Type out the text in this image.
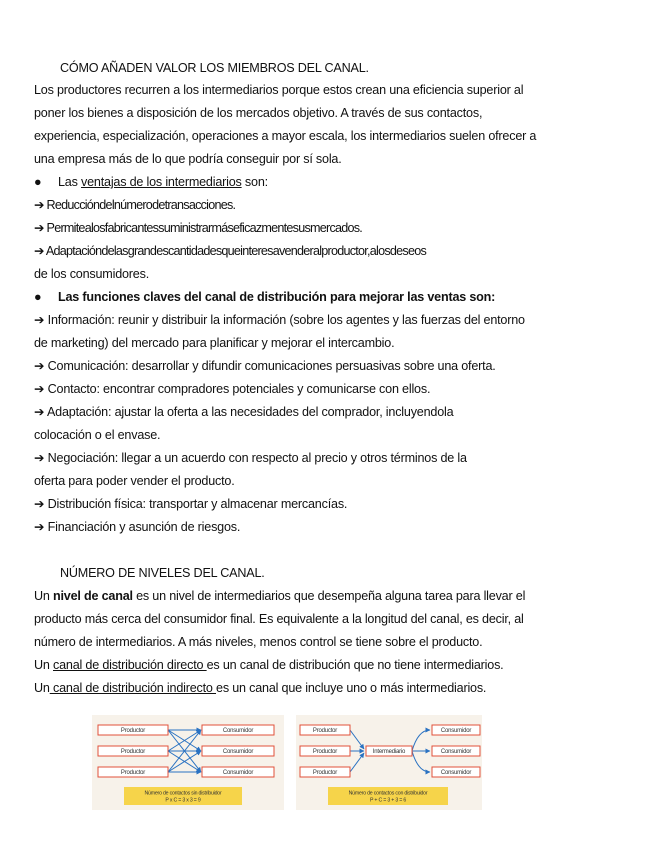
CÓMO AÑADEN VALOR LOS MIEMBROS DEL CANAL.
Los productores recurren a los intermediarios porque estos crean una eficiencia superior al
poner los bienes a disposición de los mercados objetivo. A través de sus contactos,
experiencia, especialización, operaciones a mayor escala, los intermediarios suelen ofrecer a
una empresa más de lo que podría conseguir por sí sola.
● Las ventajas de los intermediarios son:
➔ Reduccióndelnúmerodetransacciones.
➔ Permitealosfabricantessuministrarmáseficazmentesusmercados.
➔ Adaptacióndelasgrandescantidadesqueinteresavenderalproductor,alosdeseos
de los consumidores.
● Las funciones claves del canal de distribución para mejorar las ventas son:
➔ Información: reunir y distribuir la información (sobre los agentes y las fuerzas del entorno
de marketing) del mercado para planificar y mejorar el intercambio.
➔ Comunicación: desarrollar y difundir comunicaciones persuasivas sobre una oferta.
➔ Contacto: encontrar compradores potenciales y comunicarse con ellos.
➔ Adaptación: ajustar la oferta a las necesidades del comprador, incluyendola
colocación o el envase.
➔ Negociación: llegar a un acuerdo con respecto al precio y otros términos de la
oferta para poder vender el producto.
➔ Distribución física: transportar y almacenar mercancías.
➔ Financiación y asunción de riesgos.
NÚMERO DE NIVELES DEL CANAL.
Un nivel de canal es un nivel de intermediarios que desempeña alguna tarea para llevar el
producto más cerca del consumidor final. Es equivalente a la longitud del canal, es decir, al
número de intermediarios. A más niveles, menos control se tiene sobre el producto.
Un canal de distribución directo es un canal de distribución que no tiene intermediarios.
Un canal de distribución indirecto es un canal que incluye uno o más intermediarios.
Productor
Productor
Productor
Consumidor
Consumidor
Consumidor
Número de contactos sin distribuidor
P x C = 3 x 3 = 9
Productor
Productor
Productor
Intermediario
Consumidor
Consumidor
Consumidor
Número de contactos con distribuidor
P + C = 3 + 3 = 6
